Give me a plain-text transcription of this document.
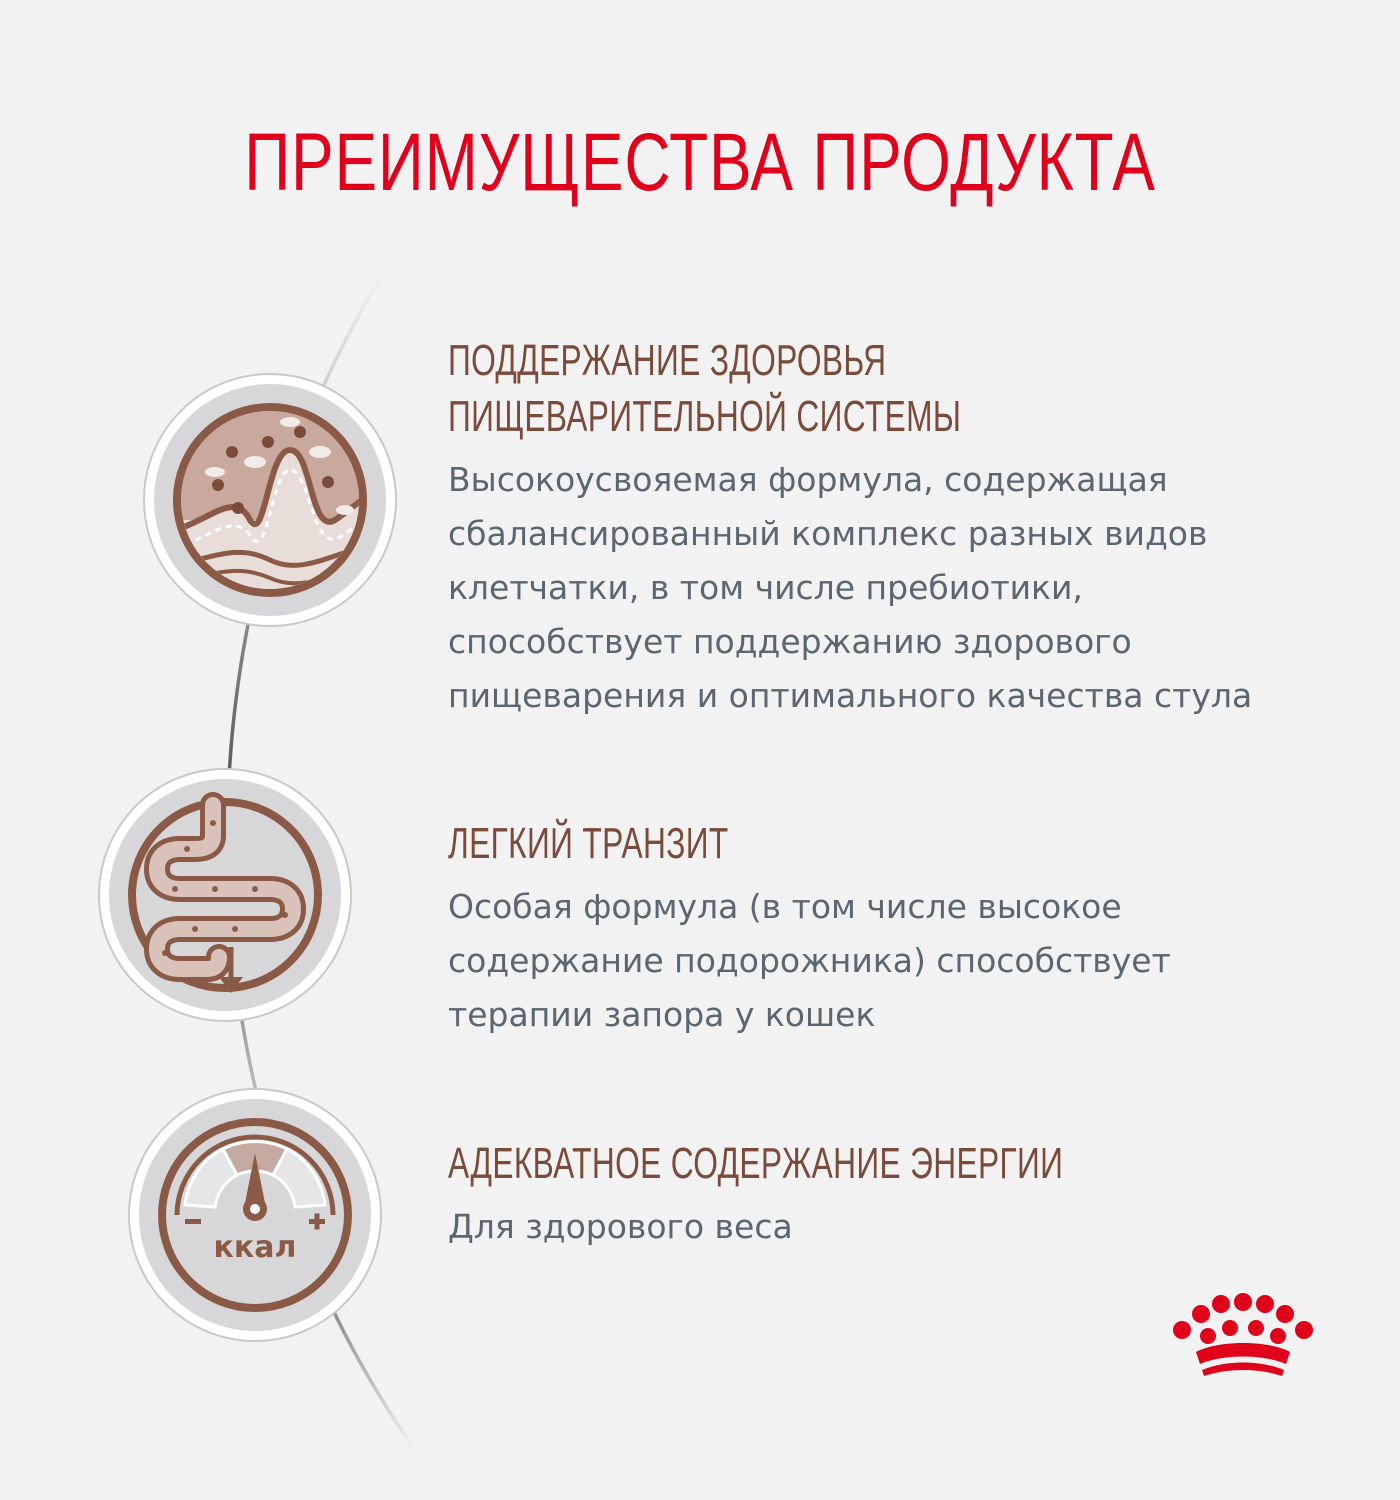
ПРЕИМУЩЕСТВА ПРОДУКТА
ккал
ПОДДЕРЖАНИЕ ЗДОРОВЬЯ
ПИЩЕВАРИТЕЛЬНОЙ СИСТЕМЫ

Высокоусвояемая формула, содержащая
сбалансированный комплекс разных видов
клетчатки, в том числе пребиотики,
способствует поддержанию здорового
пищеварения и оптимального качества стула

ЛЕГКИЙ ТРАНЗИТ

Особая формула (в том числе высокое
содержание подорожника) способствует
терапии запора у кошек

АДЕКВАТНОЕ СОДЕРЖАНИЕ ЭНЕРГИИ

Для здорового веса
